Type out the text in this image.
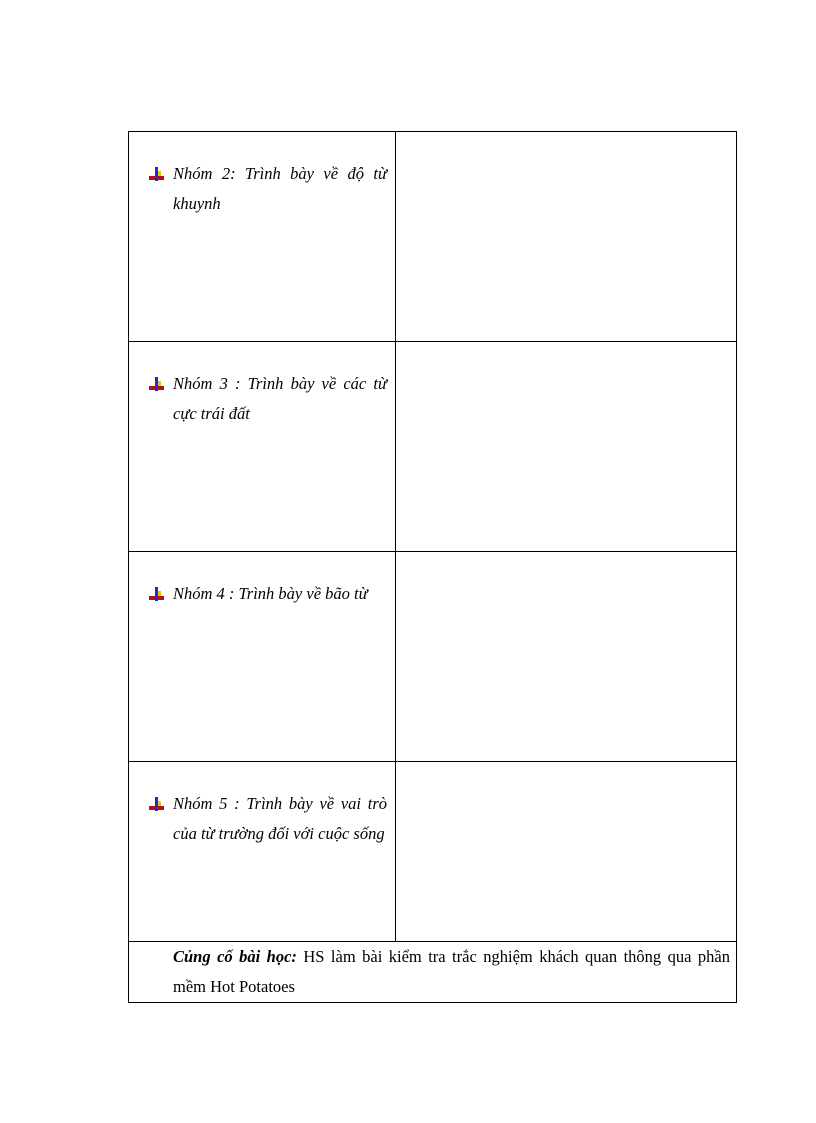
Nhóm 2: Trình bày về độ từ khuynh	

Nhóm 3 : Trình bày về các từ cực trái đất	

Nhóm 4 : Trình bày về bão từ	

Nhóm 5 : Trình bày về vai trò của từ trường đối với cuộc sống	

Củng cố bài học: HS làm bài kiểm tra trắc nghiệm khách quan thông qua phần mềm Hot Potatoes	
